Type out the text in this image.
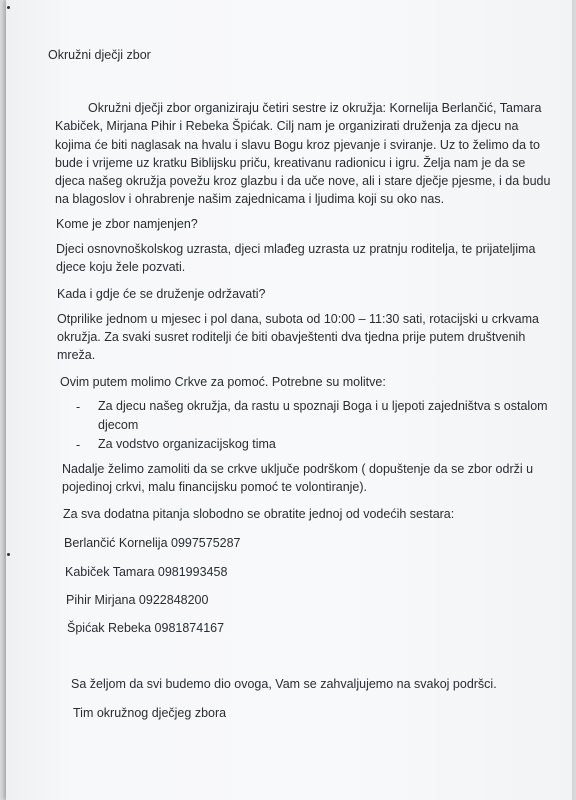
Okružni dječji zbor
Okružni dječji zbor organiziraju četiri sestre iz okružja: Kornelija Berlančić, Tamara
Kabiček, Mirjana Pihir i Rebeka Špićak. Cilj nam je organizirati druženja za djecu na
kojima će biti naglasak na hvalu i slavu Bogu kroz pjevanje i sviranje. Uz to želimo da to
bude i vrijeme uz kratku Biblijsku priču, kreativanu radionicu i igru. Želja nam je da se
djeca našeg okružja povežu kroz glazbu i da uče nove, ali i stare dječje pjesme, i da budu
na blagoslov i ohrabrenje našim zajednicama i ljudima koji su oko nas.
Kome je zbor namjenjen?
Djeci osnovnoškolskog uzrasta, djeci mlađeg uzrasta uz pratnju roditelja, te prijateljima
djece koju žele pozvati.
Kada i gdje će se druženje održavati?
Otprilike jednom u mjesec i pol dana, subota od 10:00 – 11:30 sati, rotacijski u crkvama
okružja. Za svaki susret roditelji će biti obavještenti dva tjedna prije putem društvenih
mreža.
Ovim putem molimo Crkve za pomoć. Potrebne su molitve:
- Za djecu našeg okružja, da rastu u spoznaji Boga i u ljepoti zajedništva s ostalom
djecom
- Za vodstvo organizacijskog tima
Nadalje želimo zamoliti da se crkve uključe podrškom ( dopuštenje da se zbor održi u
pojedinoj crkvi, malu financijsku pomoć te volontiranje).
Za sva dodatna pitanja slobodno se obratite jednoj od vodećih sestara:
Berlančić Kornelija 0997575287
Kabiček Tamara 0981993458
Pihir Mirjana 0922848200
Špićak Rebeka 0981874167
Sa željom da svi budemo dio ovoga, Vam se zahvaljujemo na svakoj podršci.
Tim okružnog dječjeg zbora
